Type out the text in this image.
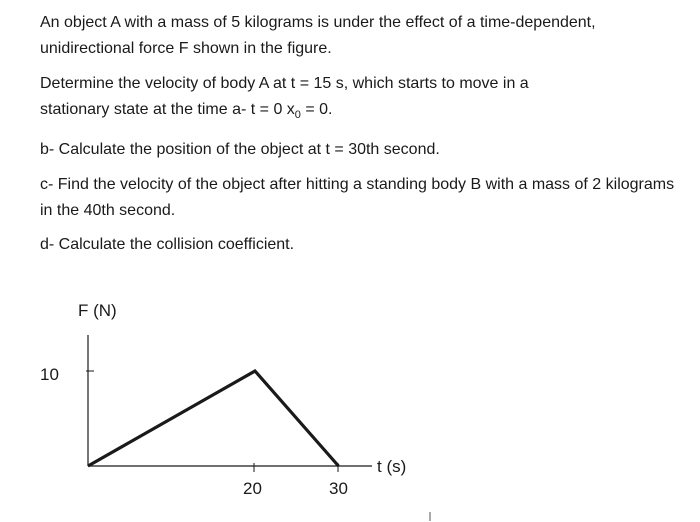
An object A with a mass of 5 kilograms is under the effect of a time-dependent, unidirectional force F shown in the figure.

Determine the velocity of body A at t = 15 s, which starts to move in a
stationary state at the time a- t = 0 $x_0 = 0$.

b- Calculate the position of the object at t = 30th second.

c- Find the velocity of the object after hitting a standing body B with a mass of 2 kilograms in the 40th second.

d- Calculate the collision coefficient.

F (N)
t (s)
10
20	30
